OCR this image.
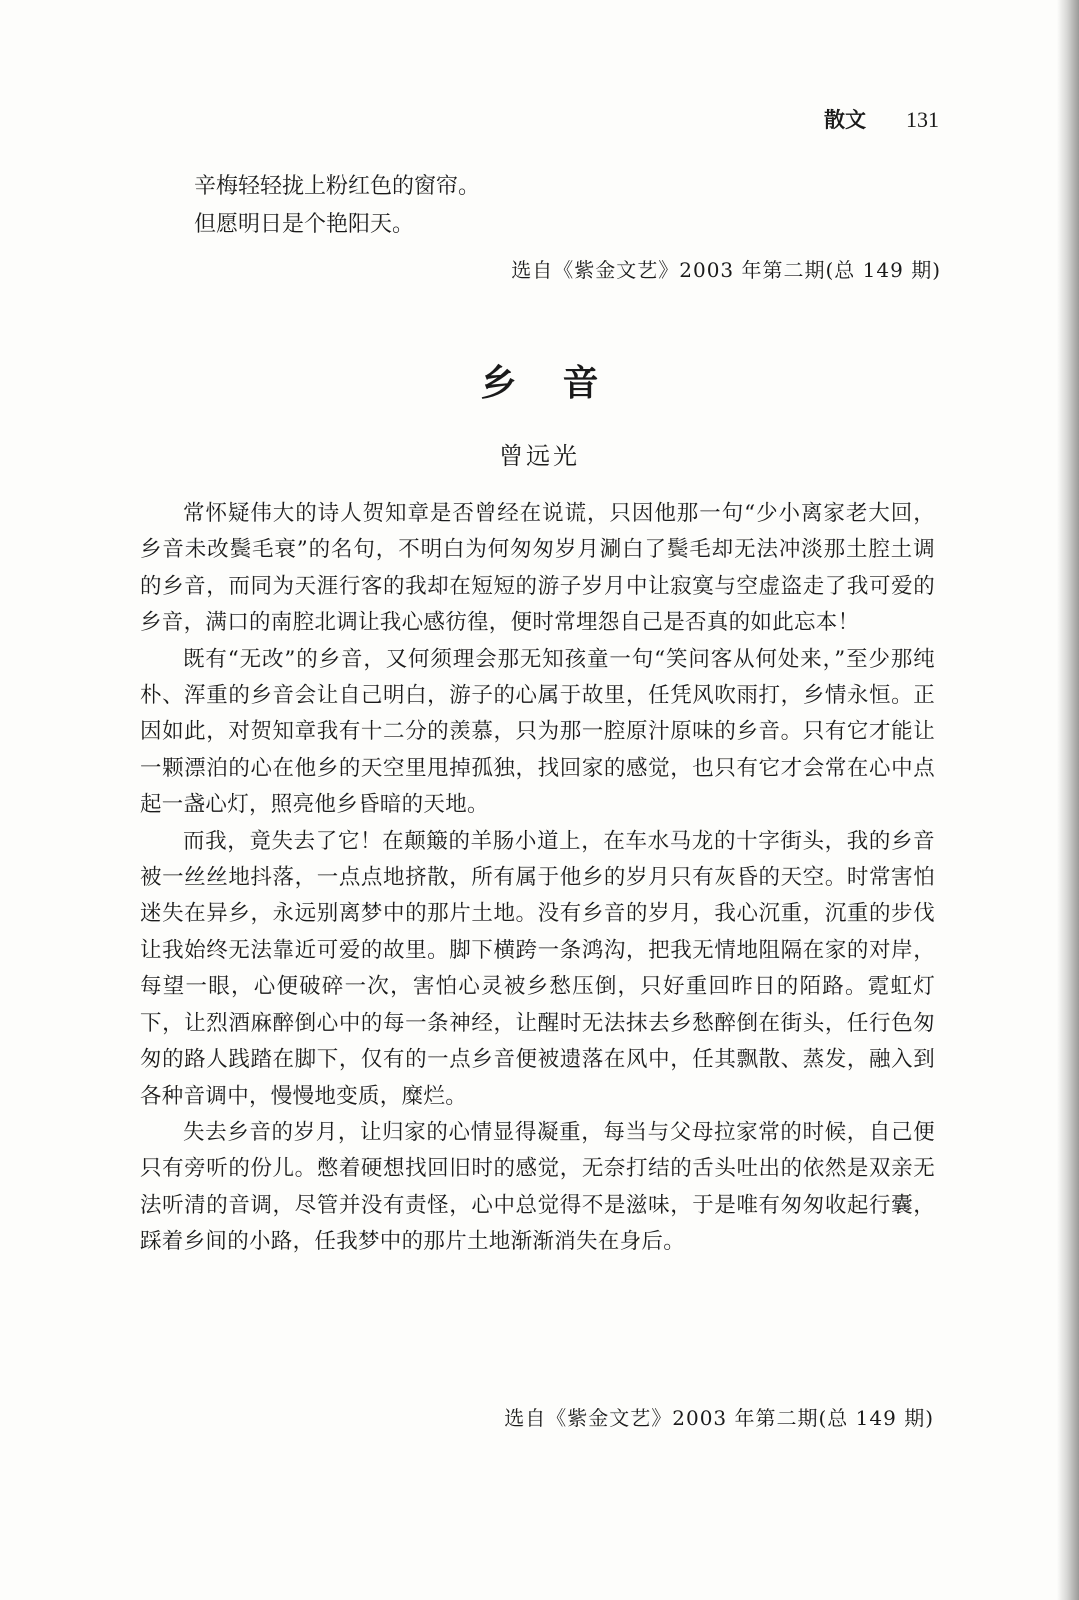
散文 131
辛梅轻轻拢上粉红色的窗帘。
但愿明日是个艳阳天。
选自《紫金文艺》2003 年第二期(总 149 期)
乡音
曾远光

常怀疑伟大的诗人贺知章是否曾经在说谎，只因他那一句“少小离家老大回，乡音未改鬓毛衰”的名句，不明白为何匆匆岁月涮白了鬓毛却无法冲淡那土腔土调的乡音，而同为天涯行客的我却在短短的游子岁月中让寂寞与空虚盗走了我可爱的乡音，满口的南腔北调让我心感彷徨，便时常埋怨自己是否真的如此忘本！

既有“无改”的乡音，又何须理会那无知孩童一句“笑问客从何处来，”至少那纯朴、浑重的乡音会让自己明白，游子的心属于故里，任凭风吹雨打，乡情永恒。正因如此，对贺知章我有十二分的羡慕，只为那一腔原汁原味的乡音。只有它才能让一颗漂泊的心在他乡的天空里甩掉孤独，找回家的感觉，也只有它才会常在心中点起一盏心灯，照亮他乡昏暗的天地。

而我，竟失去了它！在颠簸的羊肠小道上，在车水马龙的十字街头，我的乡音被一丝丝地抖落，一点点地挤散，所有属于他乡的岁月只有灰昏的天空。时常害怕迷失在异乡，永远别离梦中的那片土地。没有乡音的岁月，我心沉重，沉重的步伐让我始终无法靠近可爱的故里。脚下横跨一条鸿沟，把我无情地阻隔在家的对岸，每望一眼，心便破碎一次，害怕心灵被乡愁压倒，只好重回昨日的陌路。霓虹灯下，让烈酒麻醉倒心中的每一条神经，让醒时无法抹去乡愁醉倒在街头，任行色匆匆的路人践踏在脚下，仅有的一点乡音便被遗落在风中，任其飘散、蒸发，融入到各种音调中，慢慢地变质，糜烂。

失去乡音的岁月，让归家的心情显得凝重，每当与父母拉家常的时候，自己便只有旁听的份儿。憋着硬想找回旧时的感觉，无奈打结的舌头吐出的依然是双亲无法听清的音调，尽管并没有责怪，心中总觉得不是滋味，于是唯有匆匆收起行囊，踩着乡间的小路，任我梦中的那片土地渐渐消失在身后。

选自《紫金文艺》2003 年第二期(总 149 期)
